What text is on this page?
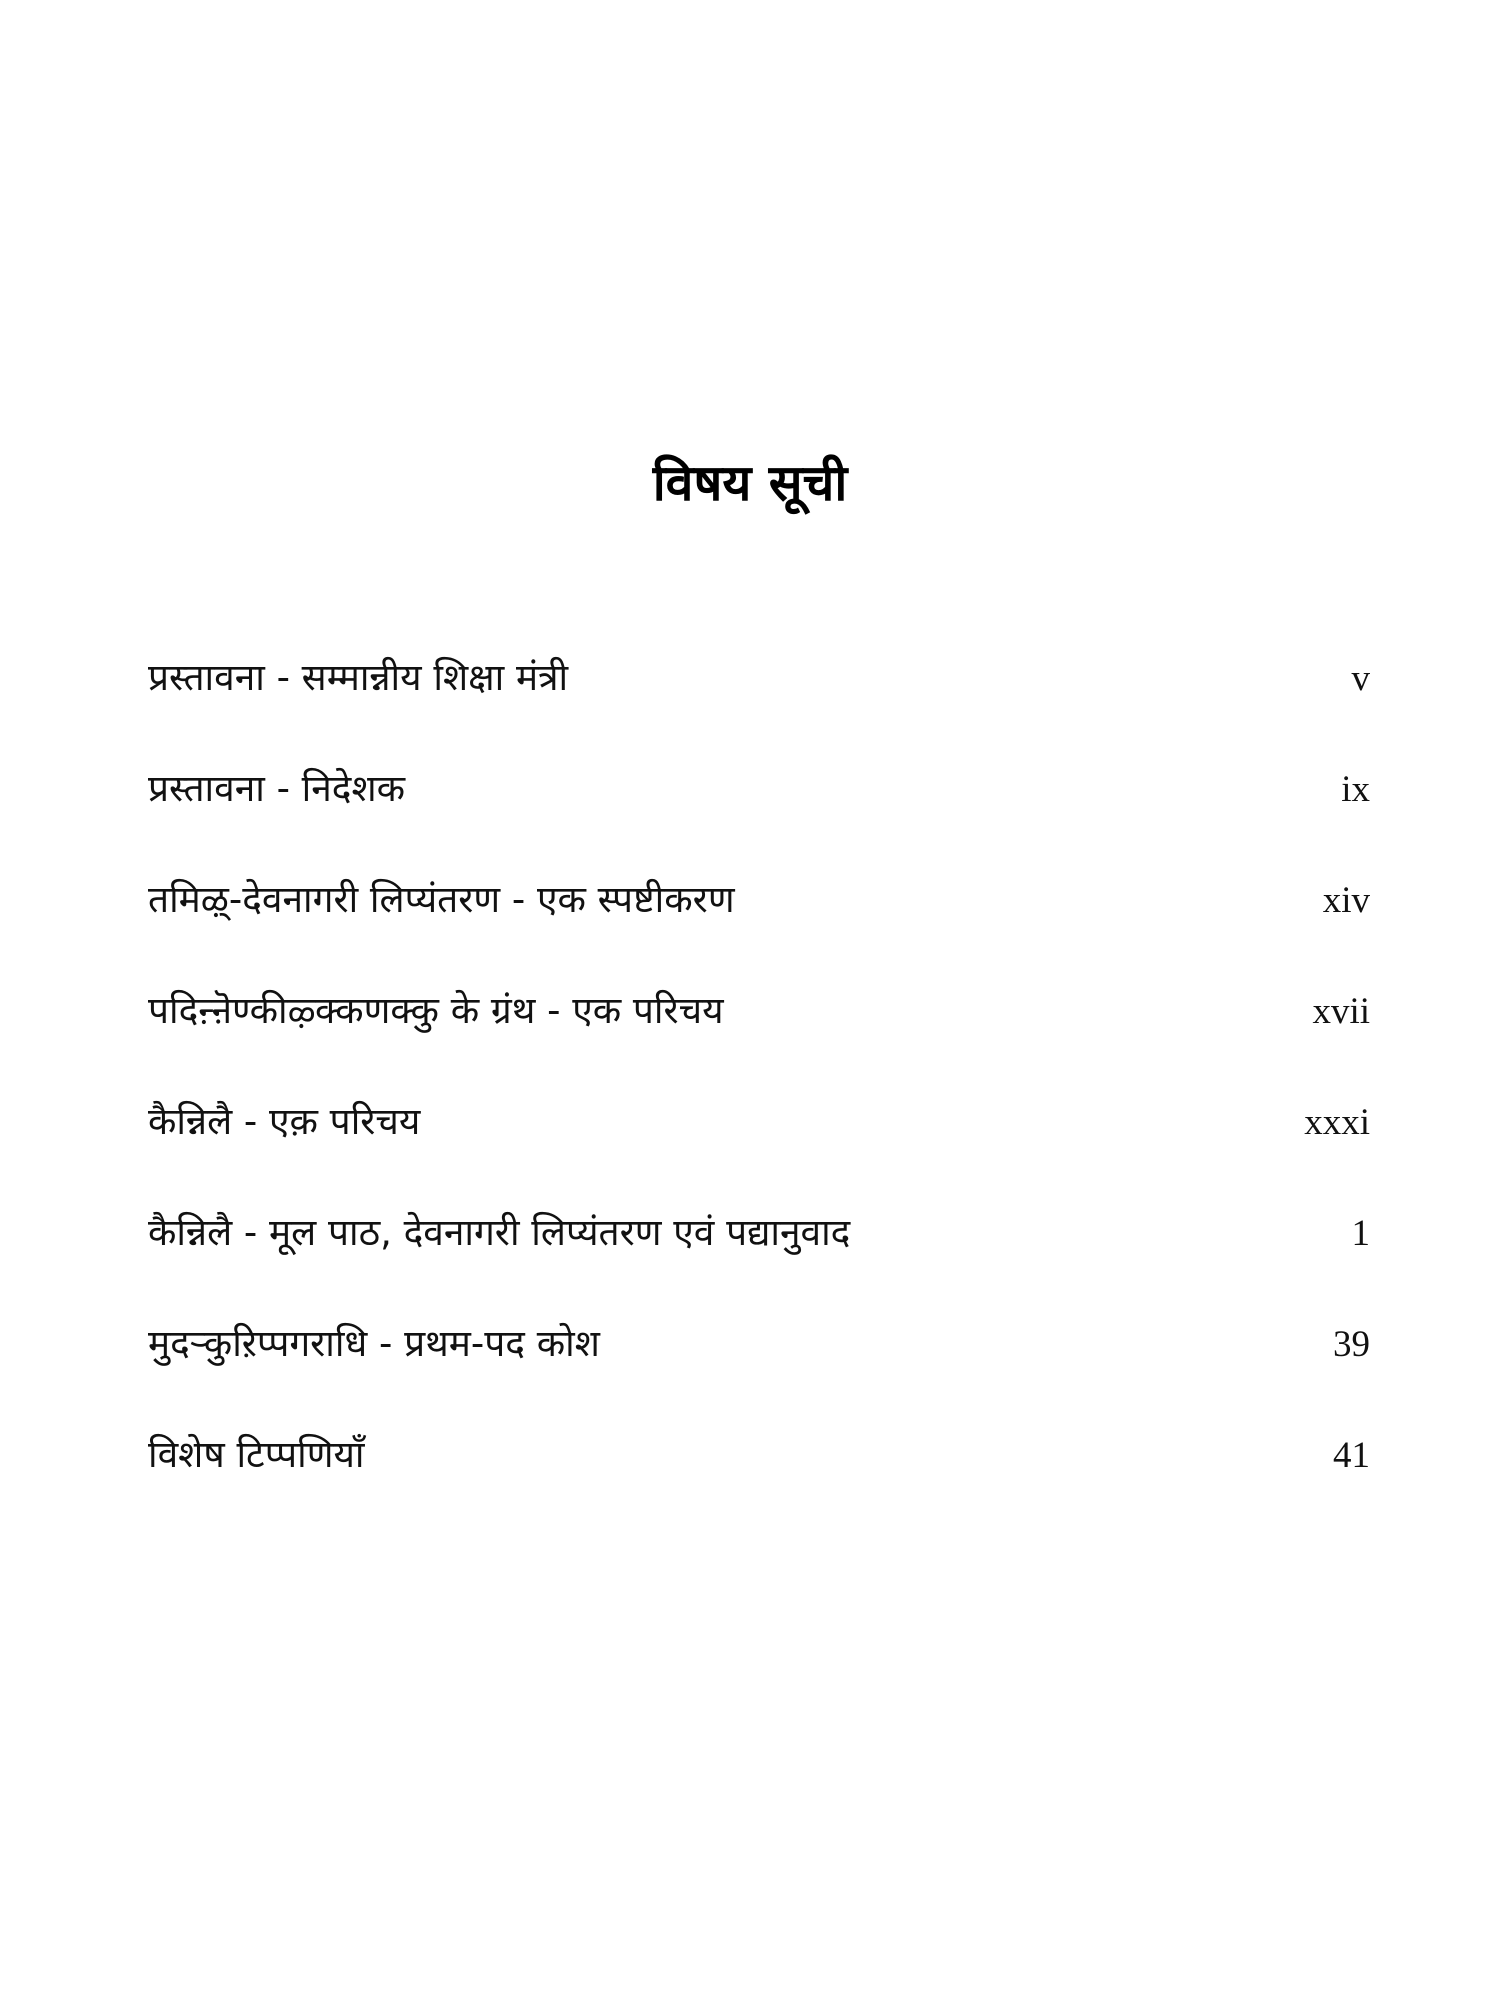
विषय सूची
प्रस्तावना - सम्मान्नीय शिक्षा मंत्री	v
प्रस्तावना - निदेशक	ix
तमिऴ्-देवनागरी लिप्यंतरण - एक स्पष्टीकरण	xiv
पदिऩ्ऩॆण्कीऴ्क्कणक्कु के ग्रंथ - एक परिचय	xvii
कैन्निलै - एक़ परिचय	xxxi
कैन्निलै - मूल पाठ, देवनागरी लिप्यंतरण एवं पद्यानुवाद	1
मुदऱ्कुऱिप्पगराधि - प्रथम-पद कोश	39
विशेष टिप्पणियाँ	41
